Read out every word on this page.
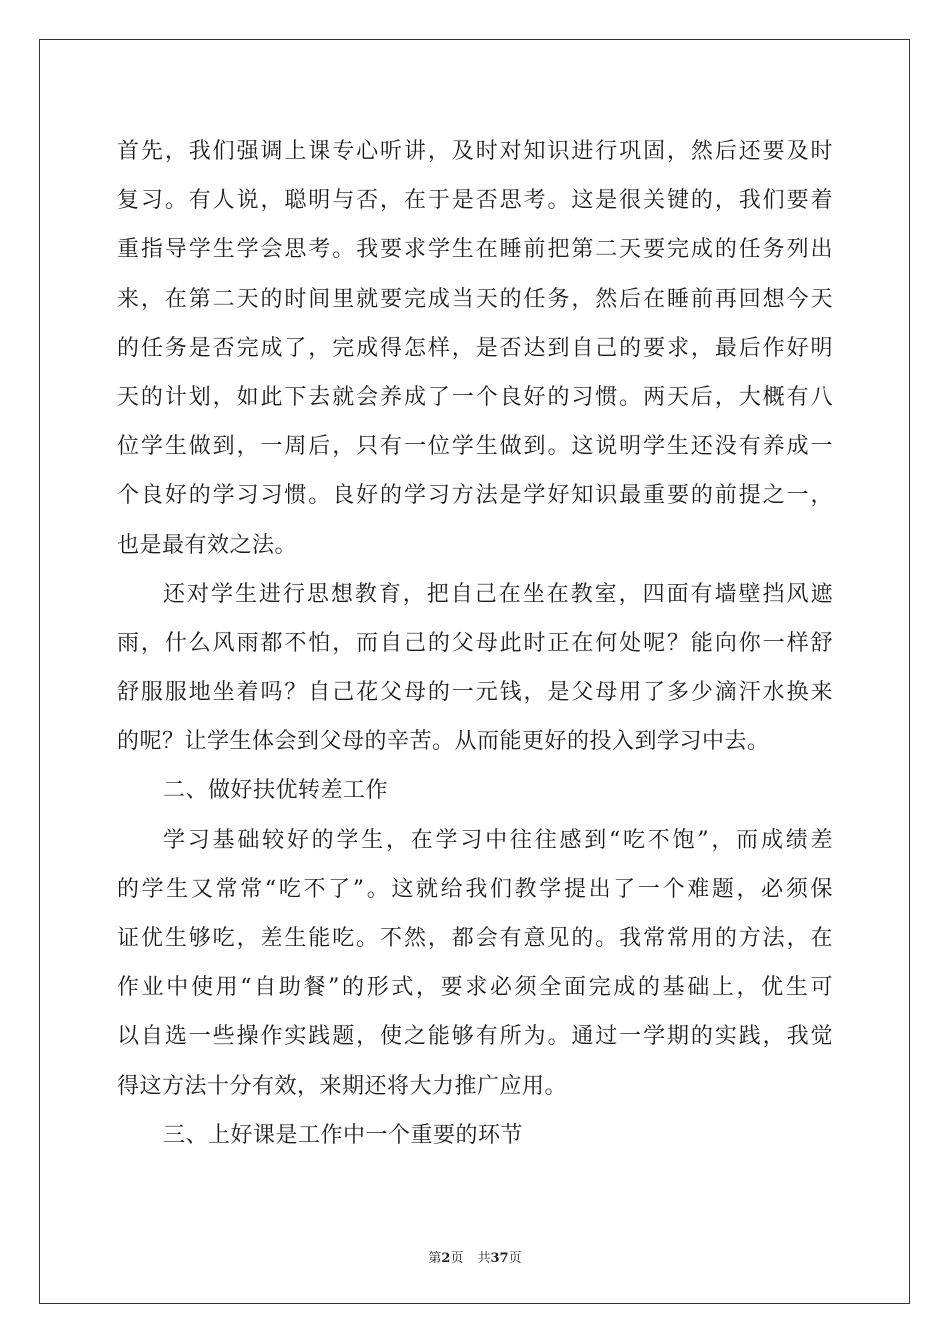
首先，我们强调上课专心听讲，及时对知识进行巩固，然后还要及时
复习。有人说，聪明与否，在于是否思考。这是很关键的，我们要着
重指导学生学会思考。我要求学生在睡前把第二天要完成的任务列出
来，在第二天的时间里就要完成当天的任务，然后在睡前再回想今天
的任务是否完成了，完成得怎样，是否达到自己的要求，最后作好明
天的计划，如此下去就会养成了一个良好的习惯。两天后，大概有八
位学生做到，一周后，只有一位学生做到。这说明学生还没有养成一
个良好的学习习惯。良好的学习方法是学好知识最重要的前提之一，
也是最有效之法。
还对学生进行思想教育，把自己在坐在教室，四面有墙壁挡风遮
雨，什么风雨都不怕，而自己的父母此时正在何处呢？能向你一样舒
舒服服地坐着吗？自己花父母的一元钱，是父母用了多少滴汗水换来
的呢？让学生体会到父母的辛苦。从而能更好的投入到学习中去。
二、做好扶优转差工作
学习基础较好的学生，在学习中往往感到“吃不饱”，而成绩差
的学生又常常“吃不了”。这就给我们教学提出了一个难题，必须保
证优生够吃，差生能吃。不然，都会有意见的。我常常用的方法，在
作业中使用“自助餐”的形式，要求必须全面完成的基础上，优生可
以自选一些操作实践题，使之能够有所为。通过一学期的实践，我觉
得这方法十分有效，来期还将大力推广应用。
三、上好课是工作中一个重要的环节
第2页 共37页
